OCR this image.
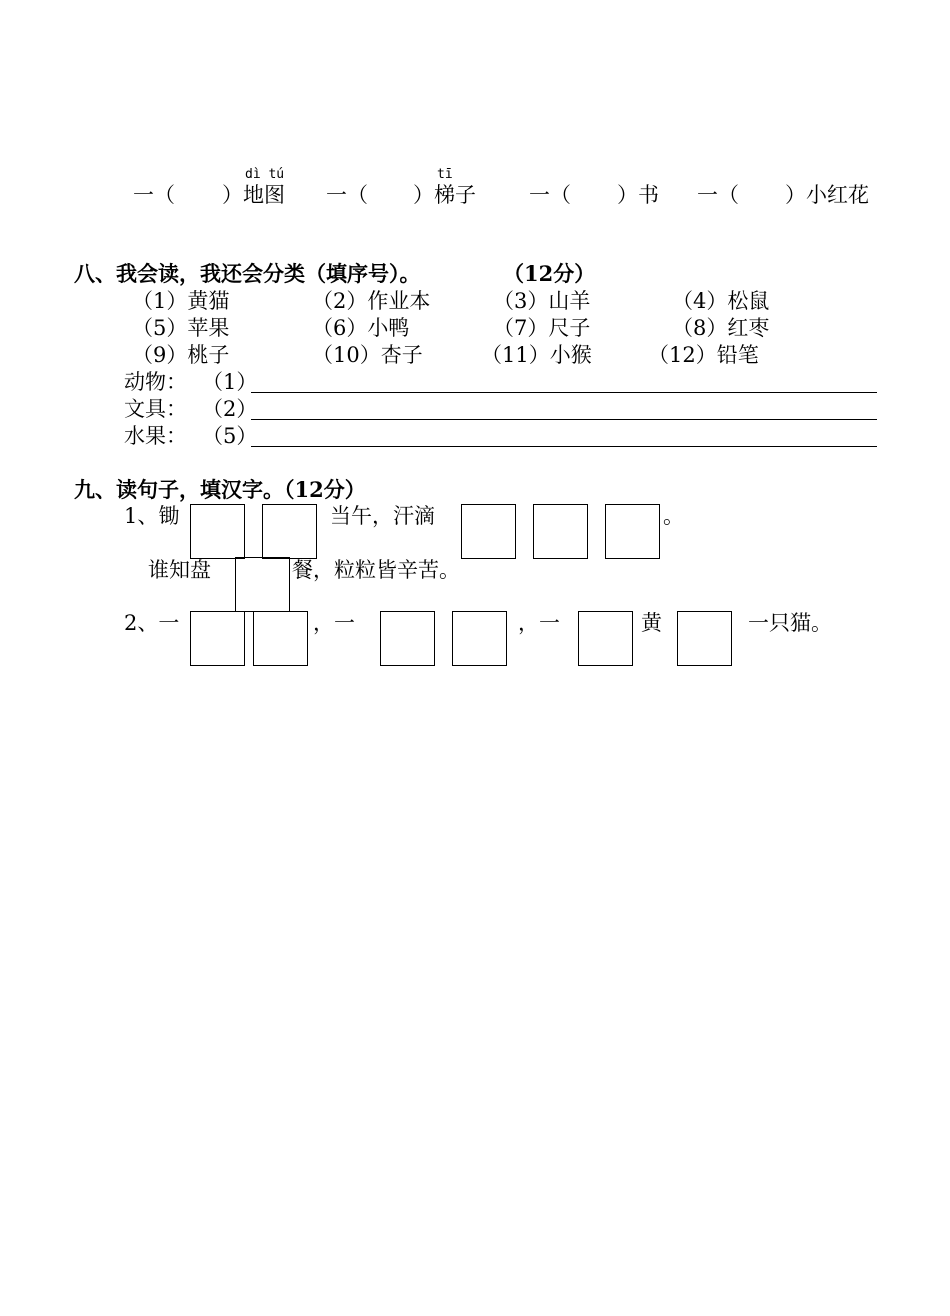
dì tú	tī
一（ ）地图 一（ ）梯子	一（ ）书 一（ ）小红花
八、我会读，我还会分类（填序号）。	（12分）
（1）黄猫	（2）作业本	（3）山羊	（4）松鼠
（5）苹果	（6）小鸭	（7）尺子	（8）红枣
（9）桃子	（10）杏子	（11）小猴	（12）铅笔
动物： （1）
文具： （2）
水果： （5）
九、读句子，填汉字。（12分）
1、锄	当午，汗滴	。
谁知盘	餐，粒粒皆辛苦。
2、一	，一	，一	黄	一只猫。
